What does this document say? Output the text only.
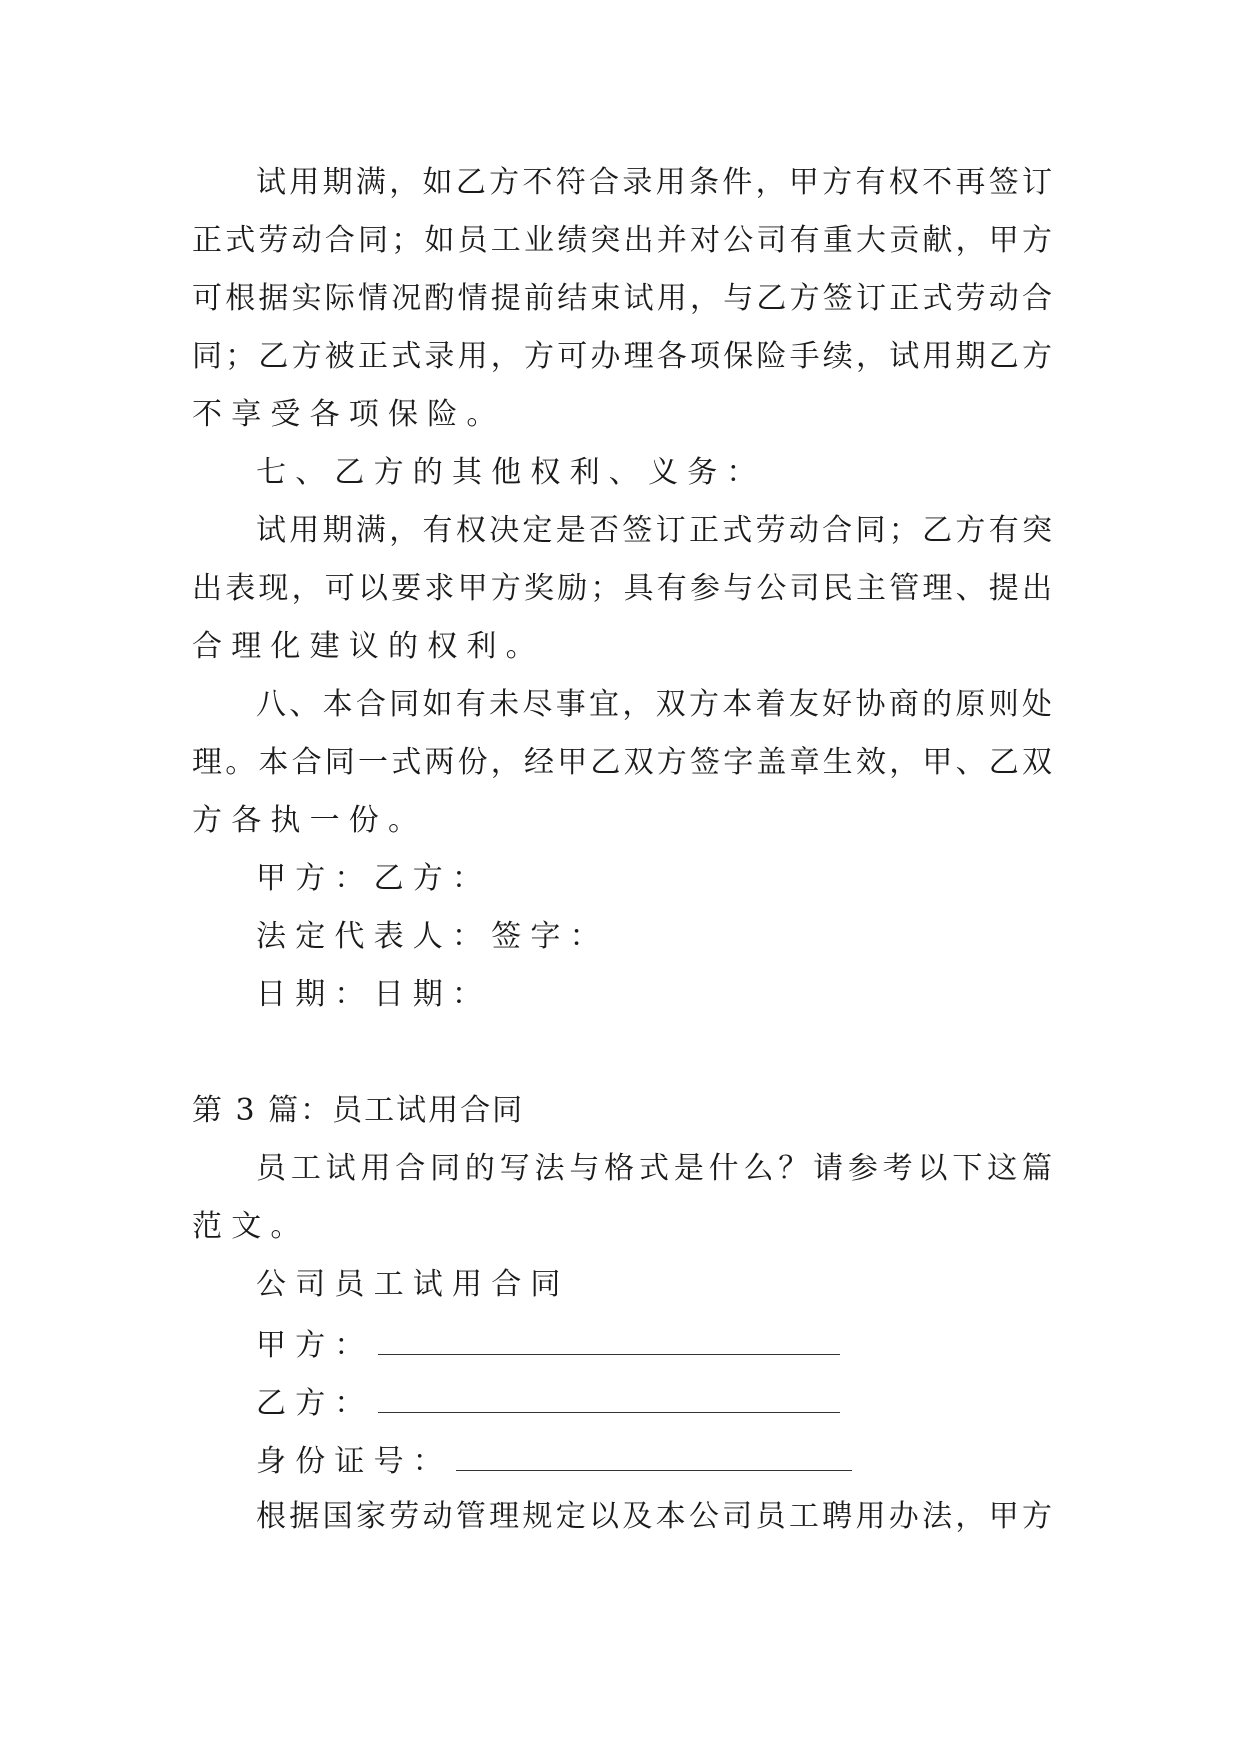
试用期满，如乙方不符合录用条件，甲方有权不再签订
正式劳动合同；如员工业绩突出并对公司有重大贡献，甲方
可根据实际情况酌情提前结束试用，与乙方签订正式劳动合
同；乙方被正式录用，方可办理各项保险手续，试用期乙方
不享受各项保险。
七、乙方的其他权利、义务：
试用期满，有权决定是否签订正式劳动合同；乙方有突
出表现，可以要求甲方奖励；具有参与公司民主管理、提出
合理化建议的权利。
八、本合同如有未尽事宜，双方本着友好协商的原则处
理。本合同一式两份，经甲乙双方签字盖章生效，甲、乙双
方各执一份。
甲方：乙方：
法定代表人：签字：
日期：日期：
第 3 篇：员工试用合同
员工试用合同的写法与格式是什么？请参考以下这篇
范文。
公司员工试用合同
甲方：
乙方：
身份证号：
根据国家劳动管理规定以及本公司员工聘用办法，甲方
